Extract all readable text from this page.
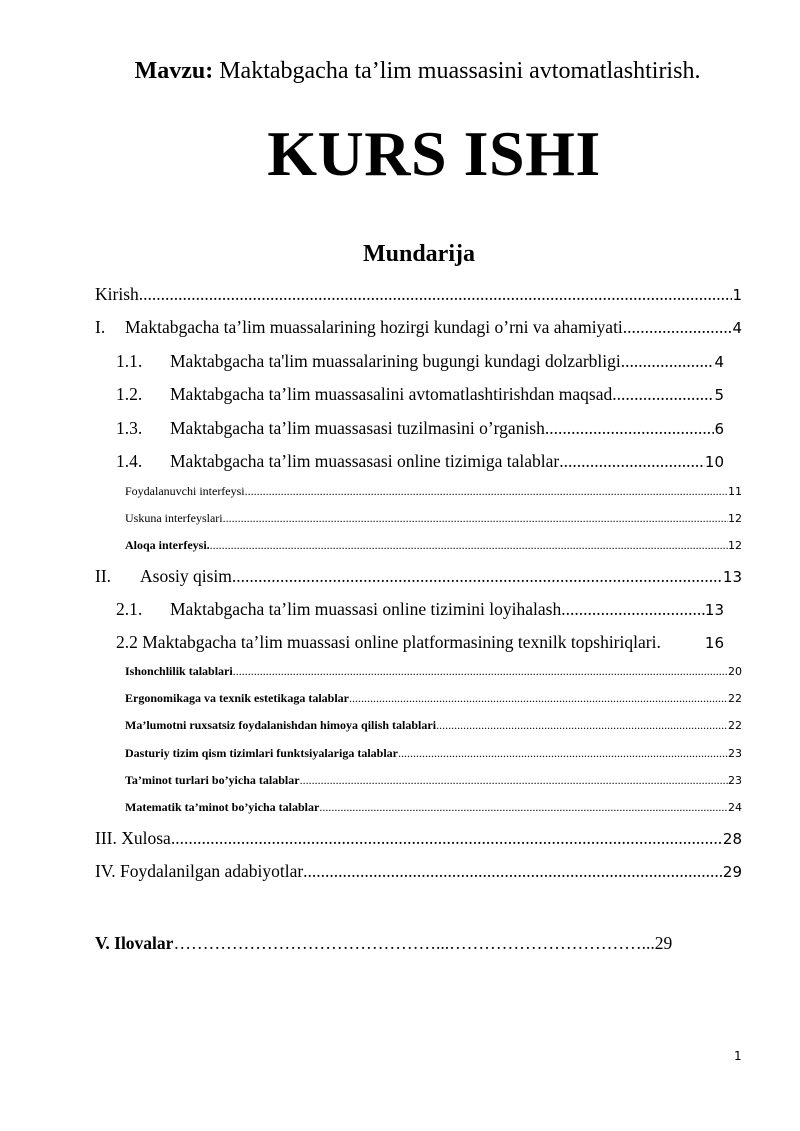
Mavzu: Maktabgacha ta’lim muassasini avtomatlashtirish.
KURS ISHI
Mundarija
Kirish .....	1
I.	Maktabgacha ta’lim muassalarining hozirgi kundagi o’rni va ahamiyati .....	4
1.1.	Maktabgacha ta'lim muassalarining bugungi kundagi dolzarbligi .....	4
1.2.	Maktabgacha ta’lim muassasalini avtomatlashtirishdan maqsad .....	5
1.3.	Maktabgacha ta’lim muassasasi tuzilmasini o’rganish .....	6
1.4.	Maktabgacha ta’lim muassasasi online tizimiga talablar .....	10
Foydalanuvchi interfeysi .....	11
Uskuna interfeyslari .....	12
Aloqa interfeysi. .....	12
II.	Asosiy qisim .....	13
2.1.	Maktabgacha ta’lim muassasi online tizimini loyihalash .....	13
2.2 Maktabgacha ta’lim muassasi online platformasining texnilk topshiriqlari.	16
Ishonchlilik talablari .....	20
Ergonomikaga va texnik estetikaga talablar .....	22
Ma’lumotni ruxsatsiz foydalanishdan himoya qilish talablari .....	22
Dasturiy tizim qism tizimlari funktsiyalariga talablar .....	23
Ta’minot turlari bo’yicha talablar .....	23
Matematik ta’minot bo’yicha talablar .....	24
III. Xulosa .....	28
IV. Foydalanilgan adabiyotlar .....	29
V. Ilovalar………………………………………...……………………………...29
1
